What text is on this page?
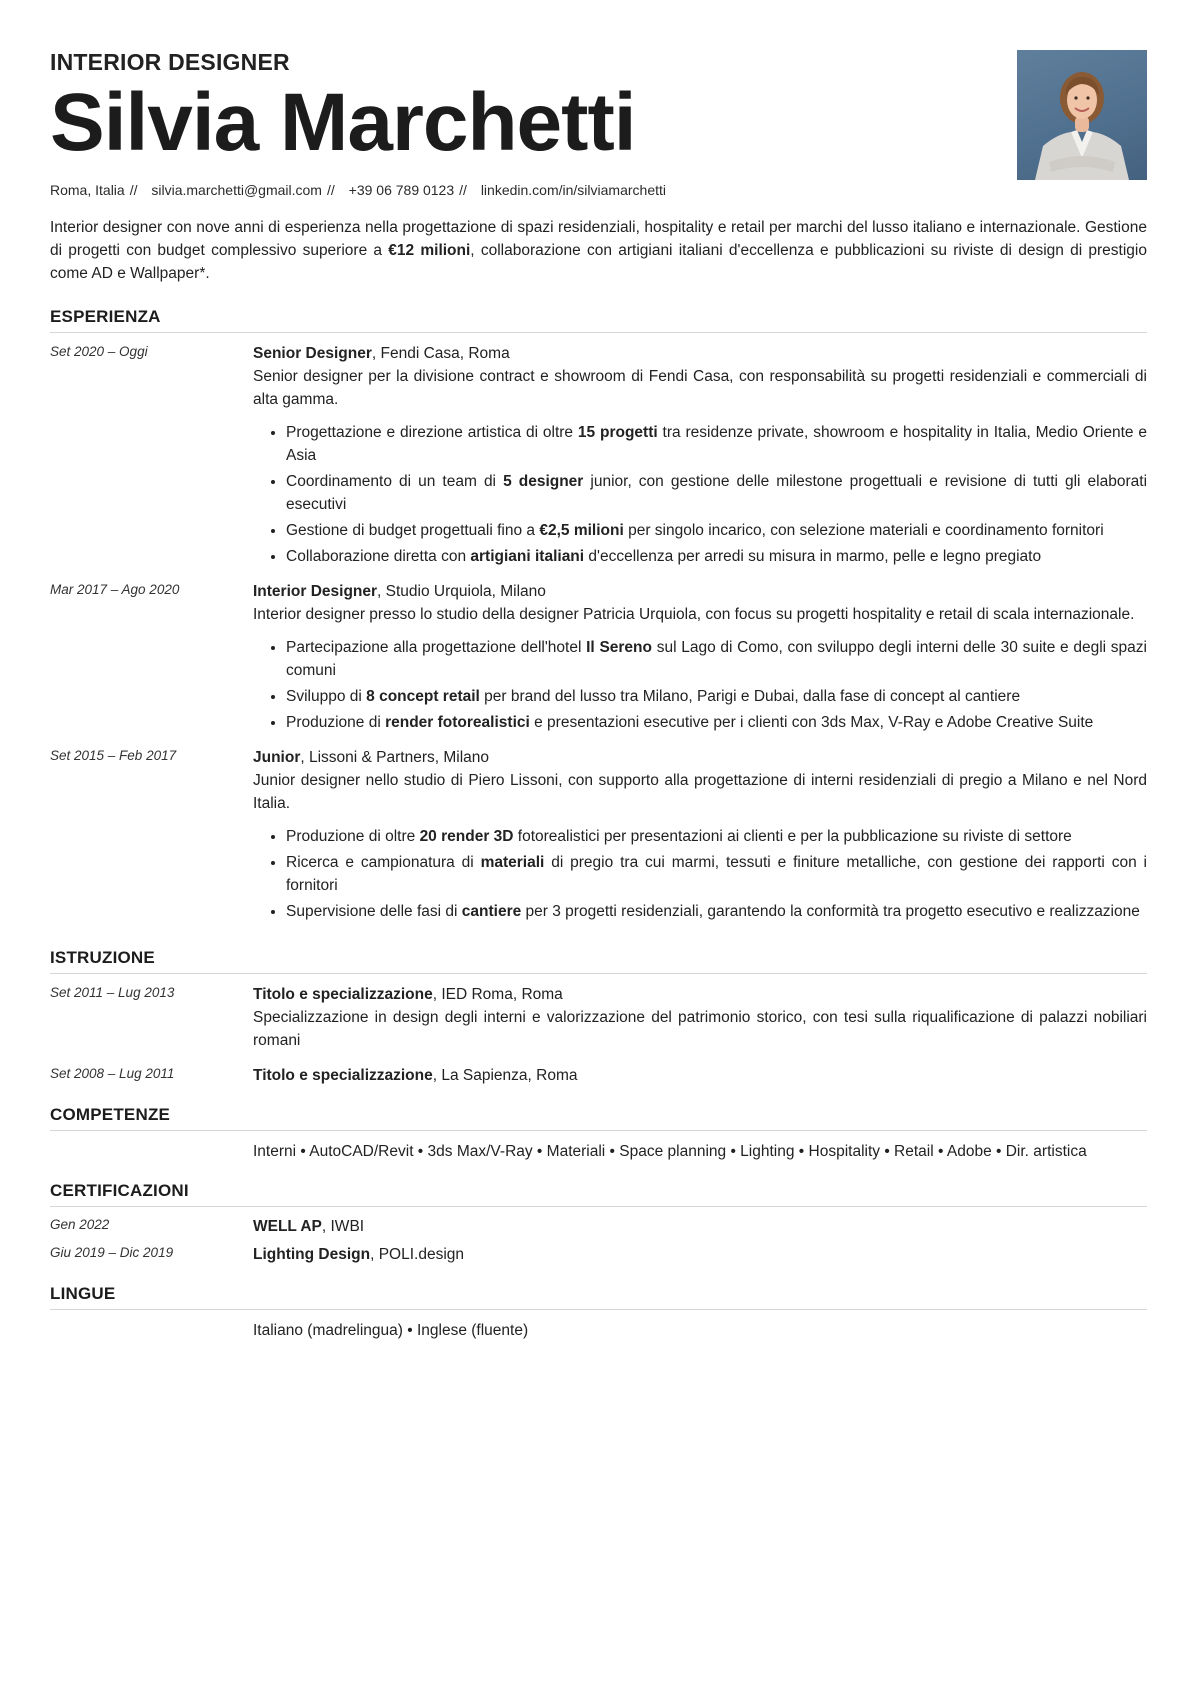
INTERIOR DESIGNER
Silvia Marchetti
Roma, Italia // silvia.marchetti@gmail.com // +39 06 789 0123 // linkedin.com/in/silviamarchetti
Interior designer con nove anni di esperienza nella progettazione di spazi residenziali, hospitality e retail per marchi del lusso italiano e internazionale. Gestione di progetti con budget complessivo superiore a €12 milioni, collaborazione con artigiani italiani d'eccellenza e pubblicazioni su riviste di design di prestigio come AD e Wallpaper*.
ESPERIENZA
Set 2020 – Oggi	Senior Designer, Fendi Casa, Roma
Senior designer per la divisione contract e showroom di Fendi Casa, con responsabilità su progetti residenziali e commerciali di alta gamma.
• Progettazione e direzione artistica di oltre 15 progetti tra residenze private, showroom e hospitality in Italia, Medio Oriente e Asia
• Coordinamento di un team di 5 designer junior, con gestione delle milestone progettuali e revisione di tutti gli elaborati esecutivi
• Gestione di budget progettuali fino a €2,5 milioni per singolo incarico, con selezione materiali e coordinamento fornitori
• Collaborazione diretta con artigiani italiani d'eccellenza per arredi su misura in marmo, pelle e legno pregiato
Mar 2017 – Ago 2020	Interior Designer, Studio Urquiola, Milano
Interior designer presso lo studio della designer Patricia Urquiola, con focus su progetti hospitality e retail di scala internazionale.
• Partecipazione alla progettazione dell'hotel Il Sereno sul Lago di Como, con sviluppo degli interni delle 30 suite e degli spazi comuni
• Sviluppo di 8 concept retail per brand del lusso tra Milano, Parigi e Dubai, dalla fase di concept al cantiere
• Produzione di render fotorealistici e presentazioni esecutive per i clienti con 3ds Max, V-Ray e Adobe Creative Suite
Set 2015 – Feb 2017	Junior, Lissoni & Partners, Milano
Junior designer nello studio di Piero Lissoni, con supporto alla progettazione di interni residenziali di pregio a Milano e nel Nord Italia.
• Produzione di oltre 20 render 3D fotorealistici per presentazioni ai clienti e per la pubblicazione su riviste di settore
• Ricerca e campionatura di materiali di pregio tra cui marmi, tessuti e finiture metalliche, con gestione dei rapporti con i fornitori
• Supervisione delle fasi di cantiere per 3 progetti residenziali, garantendo la conformità tra progetto esecutivo e realizzazione
ISTRUZIONE
Set 2011 – Lug 2013	Titolo e specializzazione, IED Roma, Roma
Specializzazione in design degli interni e valorizzazione del patrimonio storico, con tesi sulla riqualificazione di palazzi nobiliari romani
Set 2008 – Lug 2011	Titolo e specializzazione, La Sapienza, Roma
COMPETENZE
Interni • AutoCAD/Revit • 3ds Max/V-Ray • Materiali • Space planning • Lighting • Hospitality • Retail • Adobe • Dir. artistica
CERTIFICAZIONI
Gen 2022	WELL AP, IWBI
Giu 2019 – Dic 2019	Lighting Design, POLI.design
LINGUE
Italiano (madrelingua) • Inglese (fluente)
